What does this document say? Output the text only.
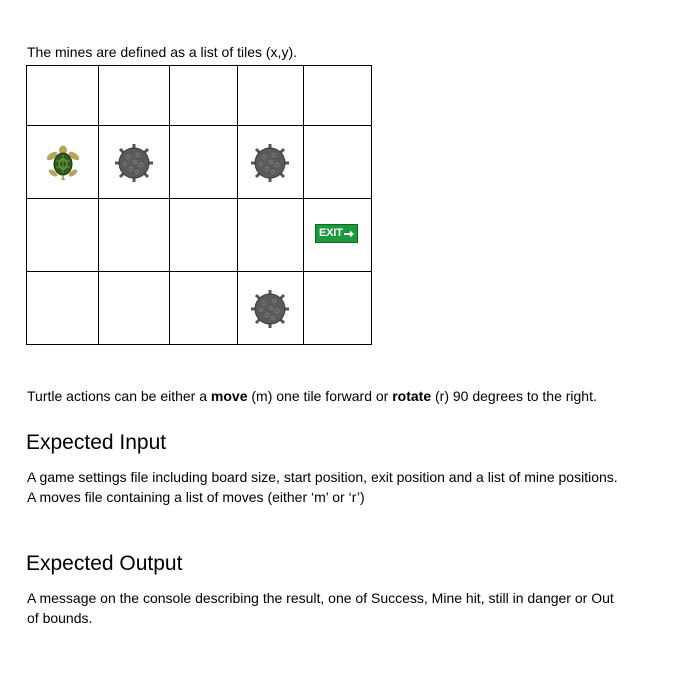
The mines are defined as a list of tiles (x,y).

EXIT

Turtle actions can be either a move (m) one tile forward or rotate (r) 90 degrees to the right.

Expected Input

A game settings file including board size, start position, exit position and a list of mine positions.

A moves file containing a list of moves (either ‘m’ or ‘r’)

Expected Output

A message on the console describing the result, one of Success, Mine hit, still in danger or Out

of bounds.
